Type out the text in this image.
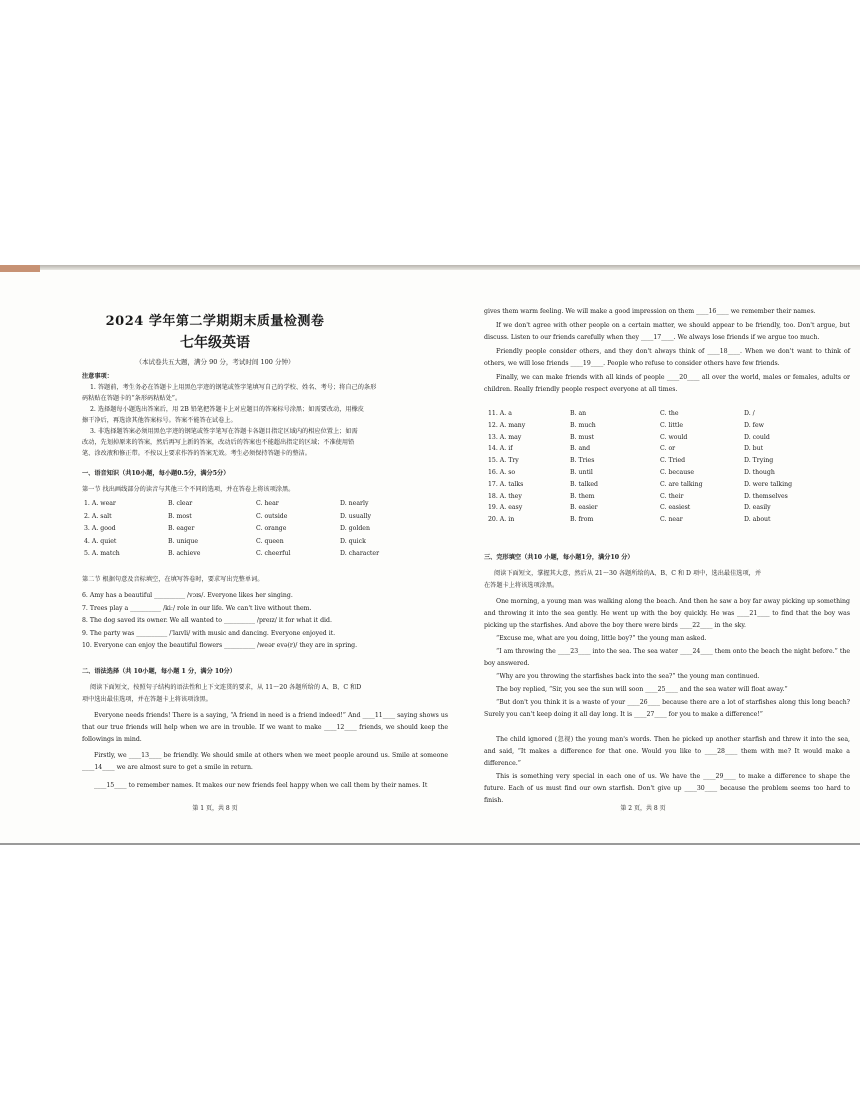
2024 学年第二学期期末质量检测卷
七年级英语
（本试卷共五大题，满分 90 分，考试时间 100 分钟）
注意事项：
1. 答题前，考生务必在答题卡上用黑色字迹的钢笔或签字笔填写自己的学校、姓名、考号；将自己的条形
码粘贴在答题卡的“条形码粘贴处”。
2. 选择题每小题选出答案后，用 2B 铅笔把答题卡上对应题目的答案标号涂黑；如需要改动，用橡皮
擦干净后，再选涂其他答案标号。答案不能答在试卷上。
3. 非选择题答案必须用黑色字迹的钢笔或签字笔写在答题卡各题目指定区域内的相应位置上；如需
改动，先划掉原来的答案，然后再写上新的答案，改动后的答案也不能超出指定的区域；不准使用铅
笔、涂改液和修正带。不按以上要求作答的答案无效。考生必须保持答题卡的整洁。
一、语音知识（共10小题，每小题0.5分，满分5分）
第一节 找出画线部分的读音与其他三个不同的选项，并在答卷上将该项涂黑。
1. A. wear	B. clear	C. hear	D. nearly
2. A. salt	B. most	C. outside	D. usually
3. A. good	B. eager	C. orange	D. golden
4. A. quiet	B. unique	C. queen	D. quick
5. A. match	B. achieve	C. cheerful	D. character
第二节 根据句意及音标填空，在填写答卷时，要求写出完整单词。
6. Amy has a beautiful __________ /vɔɪs/. Everyone likes her singing.
7. Trees play a __________ /kiː/ role in our life. We can't live without them.
8. The dog saved its owner. We all wanted to __________ /preɪz/ it for what it did.
9. The party was __________ /ˈlaɪvli/ with music and dancing. Everyone enjoyed it.
10. Everyone can enjoy the beautiful flowers __________ /weər evə(r)/ they are in spring.
二、语法选择（共 10小题，每小题 1 分，满分 10分）
阅读下面短文，按照句子结构的语法性和上下文连贯的要求，从 11～20 各题所给的 A、B、C 和D
项中选出最佳选项，并在答题卡上将该项涂黑。
Everyone needs friends! There is a saying, “A friend in need is a friend indeed!” And ____11____ saying shows us that our true friends will help when we are in trouble. If we want to make ____12____ friends, we should keep the followings in mind.
Firstly, we ____13____ be friendly. We should smile at others when we meet people around us. Smile at someone ____14____ we are almost sure to get a smile in return.
____15____ to remember names. It makes our new friends feel happy when we call them by their names. It
第 1 页，共 8 页
gives them warm feeling. We will make a good impression on them ____16____ we remember their names.
If we don't agree with other people on a certain matter, we should appear to be friendly, too. Don't argue, but discuss. Listen to our friends carefully when they ____17____. We always lose friends if we argue too much.
Friendly people consider others, and they don't always think of ____18____. When we don't want to think of others, we will lose friends ____19____. People who refuse to consider others have few friends.
Finally, we can make friends with all kinds of people ____20____ all over the world, males or females, adults or children. Really friendly people respect everyone at all times.
11. A. a	B. an	C. the	D. /
12. A. many	B. much	C. little	D. few
13. A. may	B. must	C. would	D. could
14. A. if	B. and	C. or	D. but
15. A. Try	B. Tries	C. Tried	D. Trying
16. A. so	B. until	C. because	D. though
17. A. talks	B. talked	C. are talking	D. were talking
18. A. they	B. them	C. their	D. themselves
19. A. easy	B. easier	C. easiest	D. easily
20. A. in	B. from	C. near	D. about
三、完形填空（共10 小题，每小题1分，满分10 分）
阅读下面短文，掌握其大意，然后从 21～30 各题所给的A、B、C 和 D 项中，选出最佳选项，并
在答题卡上将该选项涂黑。
One morning, a young man was walking along the beach. And then he saw a boy far away picking up something and throwing it into the sea gently. He went up with the boy quickly. He was ____21____ to find that the boy was picking up the starfishes. And above the boy there were birds ____22____ in the sky.
“Excuse me, what are you doing, little boy?” the young man asked.
“I am throwing the ____23____ into the sea. The sea water ____24____ them onto the beach the night before.” the boy answered.
“Why are you throwing the starfishes back into the sea?” the young man continued.
The boy replied, “Sir, you see the sun will soon ____25____ and the sea water will float away.”
“But don't you think it is a waste of your ____26____ because there are a lot of starfishes along this long beach? Surely you can't keep doing it all day long. It is ____27____ for you to make a difference!”
The child ignored (忽视) the young man's words. Then he picked up another starfish and threw it into the sea, and said, “It makes a difference for that one. Would you like to ____28____ them with me? It would make a difference.”
This is something very special in each one of us. We have the ____29____ to make a difference to shape the future. Each of us must find our own starfish. Don't give up ____30____ because the problem seems too hard to finish.
第 2 页，共 8 页
